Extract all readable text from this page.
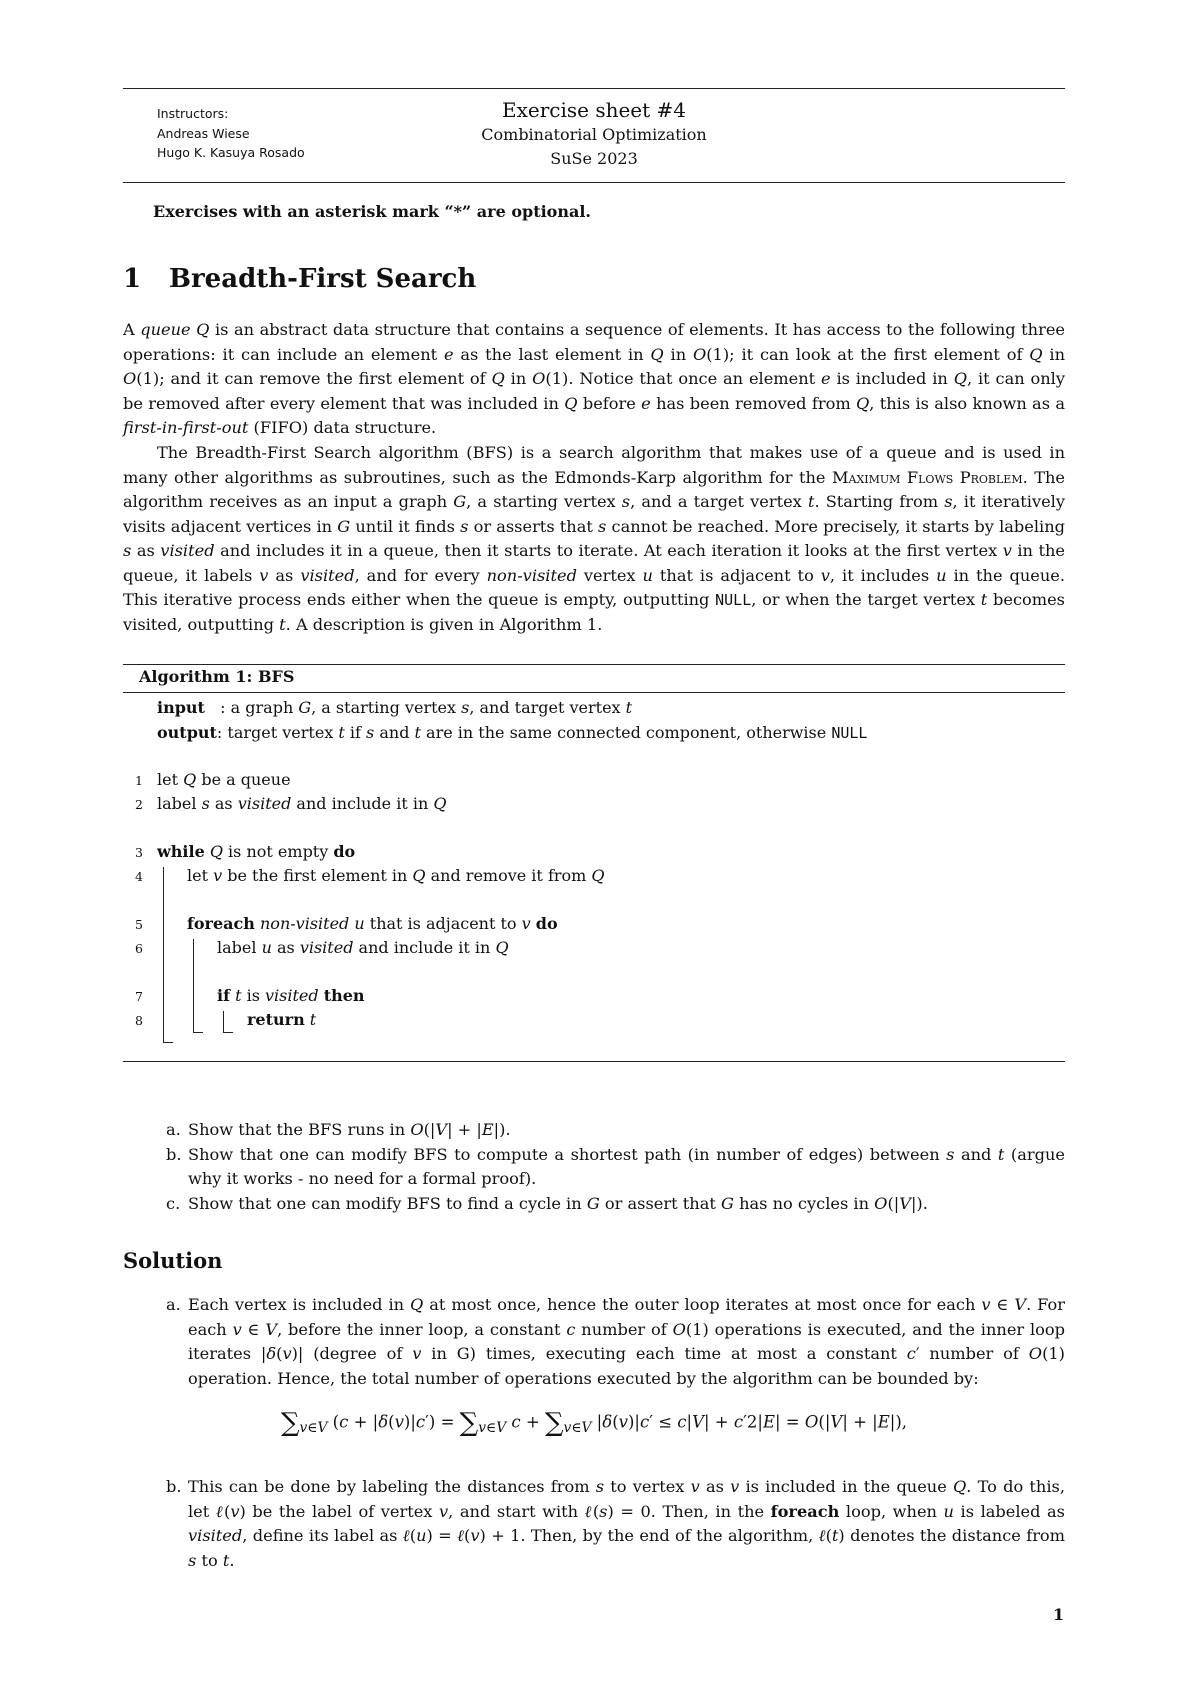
Instructors:
Andreas Wiese
Hugo K. Kasuya Rosado
Exercise sheet #4
Combinatorial Optimization
SuSe 2023
Exercises with an asterisk mark “*” are optional.
1 Breadth-First Search

A queue Q is an abstract data structure that contains a sequence of elements. It has access to the following three operations: it can include an element e as the last element in Q in O(1); it can look at the first element of Q in O(1); and it can remove the first element of Q in O(1). Notice that once an element e is included in Q, it can only be removed after every element that was included in Q before e has been removed from Q, this is also known as a first-in-first-out (FIFO) data structure.

The Breadth-First Search algorithm (BFS) is a search algorithm that makes use of a queue and is used in many other algorithms as subroutines, such as the Edmonds-Karp algorithm for the Maximum Flows Problem. The algorithm receives as an input a graph G, a starting vertex s, and a target vertex t. Starting from s, it iteratively visits adjacent vertices in G until it finds s or asserts that s cannot be reached. More precisely, it starts by labeling s as visited and includes it in a queue, then it starts to iterate. At each iteration it looks at the first vertex v in the queue, it labels v as visited, and for every non-visited vertex u that is adjacent to v, it includes u in the queue. This iterative process ends either when the queue is empty, outputting NULL, or when the target vertex t becomes visited, outputting t. A description is given in Algorithm 1.

Algorithm 1: BFS
input   : a graph G, a starting vertex s, and target vertex t
output: target vertex t if s and t are in the same connected component, otherwise NULL
1 let Q be a queue
2 label s as visited and include it in Q
3 while Q is not empty do
4	let v be the first element in Q and remove it from Q
5	foreach non-visited u that is adjacent to v do
6	label u as visited and include it in Q
7	if t is visited then
8	return t
a. Show that the BFS runs in O(|V| + |E|).
b. Show that one can modify BFS to compute a shortest path (in number of edges) between s and t (argue why it works - no need for a formal proof).
c. Show that one can modify BFS to find a cycle in G or assert that G has no cycles in O(|V|).
Solution
a. Each vertex is included in Q at most once, hence the outer loop iterates at most once for each v ∈ V. For each v ∈ V, before the inner loop, a constant c number of O(1) operations is executed, and the inner loop iterates |δ(v)| (degree of v in G) times, executing each time at most a constant c′ number of O(1) operation. Hence, the total number of operations executed by the algorithm can be bounded by:
$\sum_{v\in V}$ $(c + |\delta(v)|c') = \sum_{v\in V}$ $c + \sum_{v\in V}$ |δ(v)|c′ ≤ c|V| + c′2|E| = O(|V| + |E|),
b. This can be done by labeling the distances from s to vertex v as v is included in the queue Q. To do this, let ℓ(v) be the label of vertex v, and start with ℓ(s) = 0. Then, in the foreach loop, when u is labeled as visited, define its label as ℓ(u) = ℓ(v) + 1. Then, by the end of the algorithm, ℓ(t) denotes the distance from s to t.
1
